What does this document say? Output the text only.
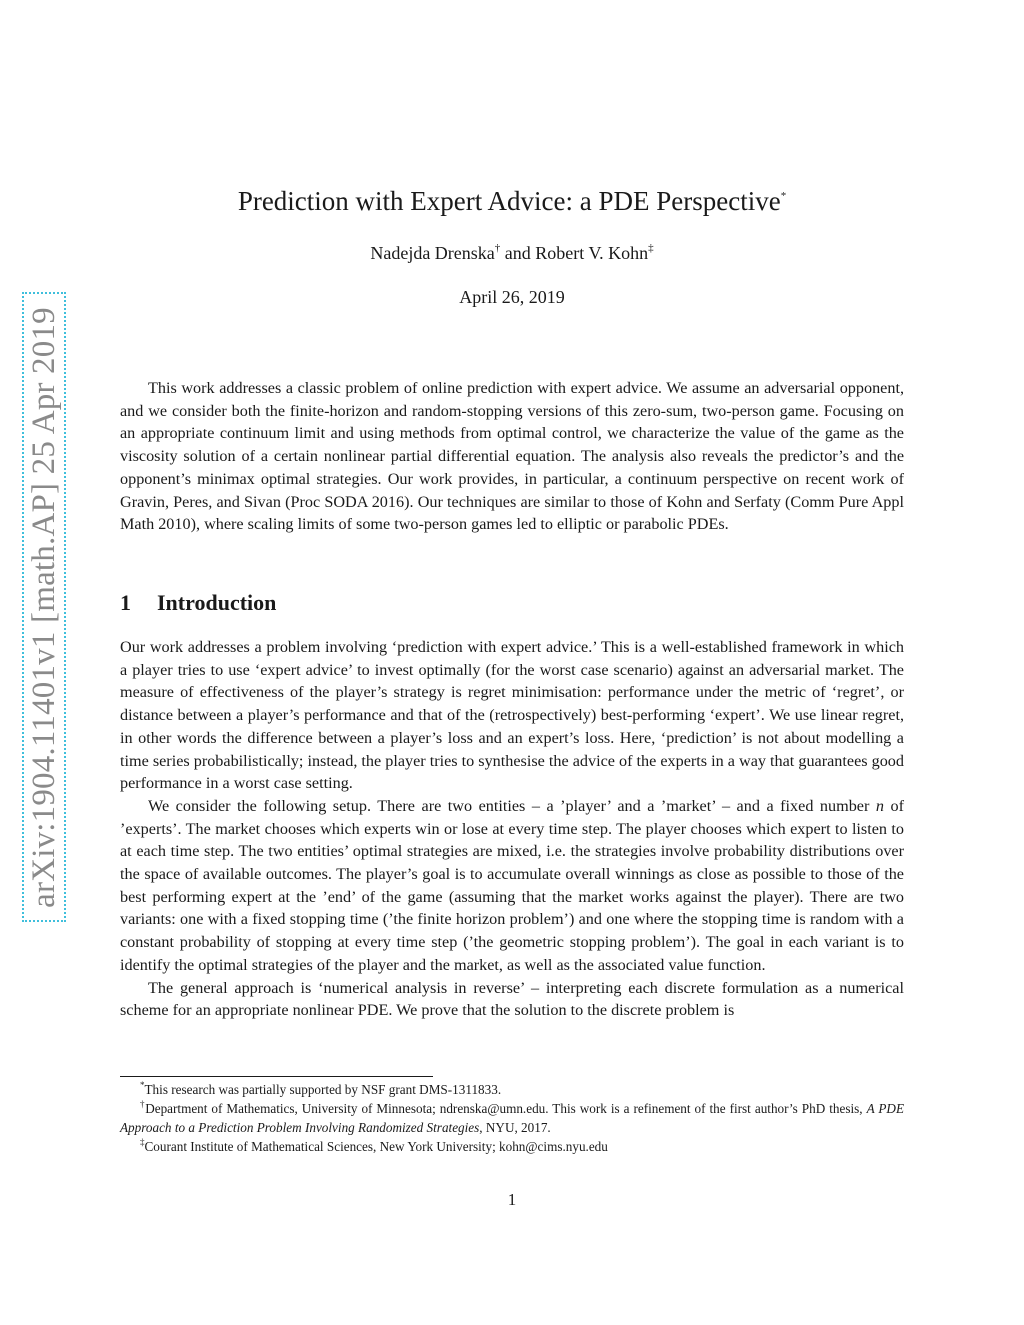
arXiv:1904.11401v1 [math.AP] 25 Apr 2019
Prediction with Expert Advice: a PDE Perspective*
Nadejda Drenska† and Robert V. Kohn‡
April 26, 2019

This work addresses a classic problem of online prediction with expert advice. We assume an adversarial opponent, and we consider both the finite-horizon and random-stopping versions of this zero-sum, two-person game. Focusing on an appropriate continuum limit and using methods from optimal control, we characterize the value of the game as the viscosity solution of a certain nonlinear partial differential equation. The analysis also reveals the predictor’s and the opponent’s minimax optimal strategies. Our work provides, in particular, a continuum perspective on recent work of Gravin, Peres, and Sivan (Proc SODA 2016). Our techniques are similar to those of Kohn and Serfaty (Comm Pure Appl Math 2010), where scaling limits of some two-person games led to elliptic or parabolic PDEs.

1 Introduction

Our work addresses a problem involving ‘prediction with expert advice.’ This is a well-established framework in which a player tries to use ‘expert advice’ to invest optimally (for the worst case scenario) against an adversarial market. The measure of effectiveness of the player’s strategy is regret minimisation: performance under the metric of ‘regret’, or distance between a player’s performance and that of the (retrospectively) best-performing ‘expert’. We use linear regret, in other words the difference between a player’s loss and an expert’s loss. Here, ‘prediction’ is not about modelling a time series probabilistically; instead, the player tries to synthesise the advice of the experts in a way that guarantees good performance in a worst case setting.

We consider the following setup. There are two entities – a ’player’ and a ’market’ – and a fixed number n of ’experts’. The market chooses which experts win or lose at every time step. The player chooses which expert to listen to at each time step. The two entities’ optimal strategies are mixed, i.e. the strategies involve probability distributions over the space of available outcomes. The player’s goal is to accumulate overall winnings as close as possible to those of the best performing expert at the ’end’ of the game (assuming that the market works against the player). There are two variants: one with a fixed stopping time (’the finite horizon problem’) and one where the stopping time is random with a constant probability of stopping at every time step (’the geometric stopping problem’). The goal in each variant is to identify the optimal strategies of the player and the market, as well as the associated value function.

The general approach is ‘numerical analysis in reverse’ – interpreting each discrete formulation as a numerical scheme for an appropriate nonlinear PDE. We prove that the solution to the discrete problem is

*This research was partially supported by NSF grant DMS-1311833.

†Department of Mathematics, University of Minnesota; ndrenska@umn.edu. This work is a refinement of the first author’s PhD thesis, A PDE Approach to a Prediction Problem Involving Randomized Strategies, NYU, 2017.

‡Courant Institute of Mathematical Sciences, New York University; kohn@cims.nyu.edu

1
